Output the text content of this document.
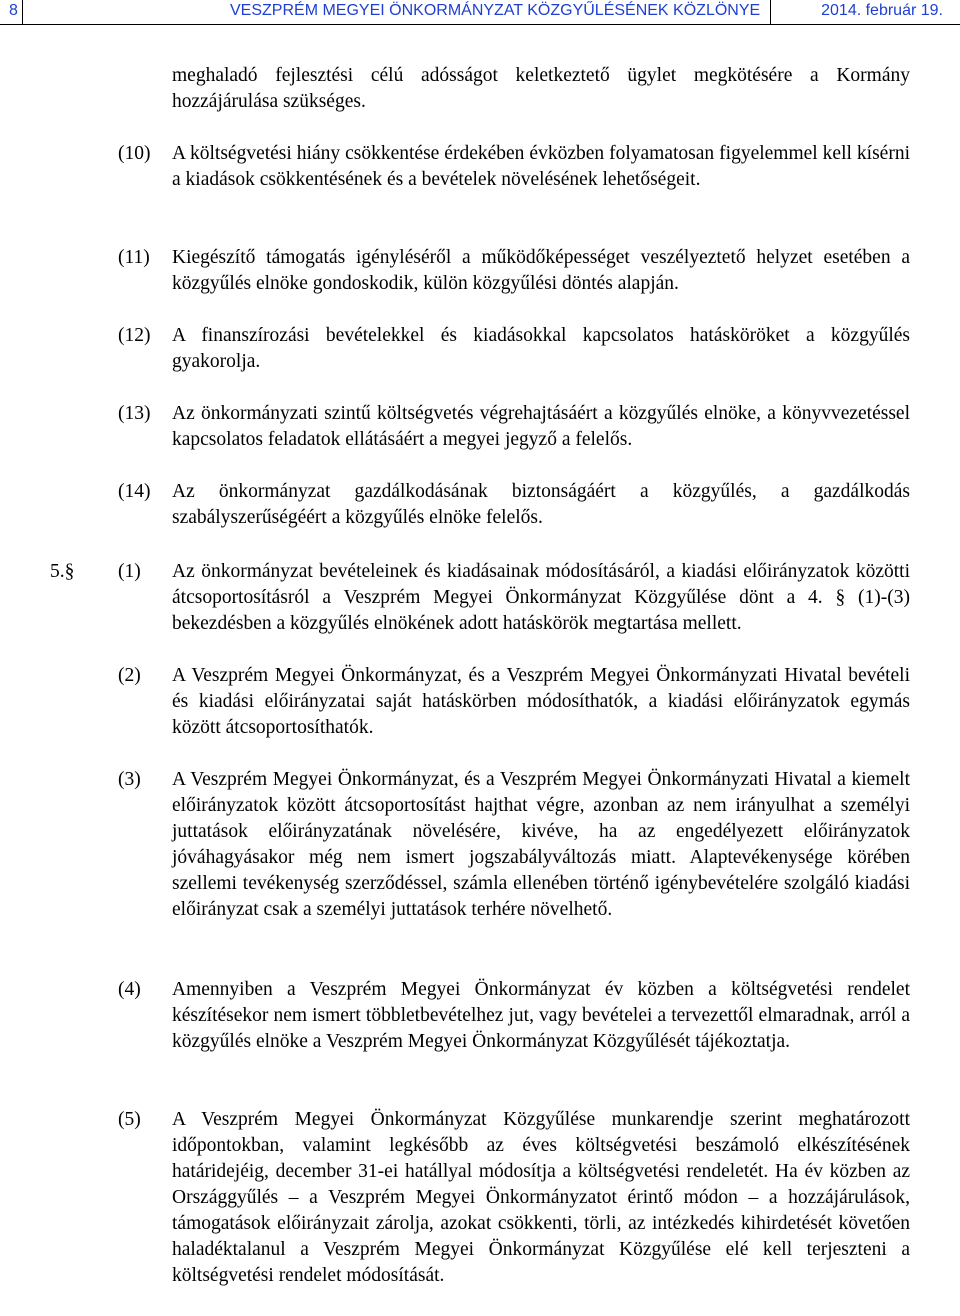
8	VESZPRÉM MEGYEI ÖNKORMÁNYZAT KÖZGYŰLÉSÉNEK KÖZLÖNYE	2014. február 19.
meghaladó fejlesztési célú adósságot keletkeztető ügylet megkötésére a Kormány hozzájárulása szükséges.
(10) A költségvetési hiány csökkentése érdekében évközben folyamatosan figyelemmel kell kísérni a kiadások csökkentésének és a bevételek növelésének lehetőségeit.
(11) Kiegészítő támogatás igényléséről a működőképességet veszélyeztető helyzet esetében a közgyűlés elnöke gondoskodik, külön közgyűlési döntés alapján.
(12) A finanszírozási bevételekkel és kiadásokkal kapcsolatos hatásköröket a közgyűlés gyakorolja.
(13) Az önkormányzati szintű költségvetés végrehajtásáért a közgyűlés elnöke, a könyvvezetéssel kapcsolatos feladatok ellátásáért a megyei jegyző a felelős.
(14) Az önkormányzat gazdálkodásának biztonságáért a közgyűlés, a gazdálkodás szabályszerűségéért a közgyűlés elnöke felelős.
5.§ (1) Az önkormányzat bevételeinek és kiadásainak módosításáról, a kiadási előirányzatok közötti átcsoportosításról a Veszprém Megyei Önkormányzat Közgyűlése dönt a 4. § (1)-(3) bekezdésben a közgyűlés elnökének adott hatáskörök megtartása mellett.
(2) A Veszprém Megyei Önkormányzat, és a Veszprém Megyei Önkormányzati Hivatal bevételi és kiadási előirányzatai saját hatáskörben módosíthatók, a kiadási előirányzatok egymás között átcsoportosíthatók.
(3) A Veszprém Megyei Önkormányzat, és a Veszprém Megyei Önkormányzati Hivatal a kiemelt előirányzatok között átcsoportosítást hajthat végre, azonban az nem irányulhat a személyi juttatások előirányzatának növelésére, kivéve, ha az engedélyezett előirányzatok jóváhagyásakor még nem ismert jogszabályváltozás miatt. Alaptevékenysége körében szellemi tevékenység szerződéssel, számla ellenében történő igénybevételére szolgáló kiadási előirányzat csak a személyi juttatások terhére növelhető.
(4) Amennyiben a Veszprém Megyei Önkormányzat év közben a költségvetési rendelet készítésekor nem ismert többletbevételhez jut, vagy bevételei a tervezettől elmaradnak, arról a közgyűlés elnöke a Veszprém Megyei Önkormányzat Közgyűlését tájékoztatja.
(5) A Veszprém Megyei Önkormányzat Közgyűlése munkarendje szerint meghatározott időpontokban, valamint legkésőbb az éves költségvetési beszámoló elkészítésének határidejéig, december 31-ei hatállyal módosítja a költségvetési rendeletét. Ha év közben az Országgyűlés – a Veszprém Megyei Önkormányzatot érintő módon – a hozzájárulások, támogatások előirányzait zárolja, azokat csökkenti, törli, az intézkedés kihirdetését követően haladéktalanul a Veszprém Megyei Önkormányzat Közgyűlése elé kell terjeszteni a költségvetési rendelet módosítását.
